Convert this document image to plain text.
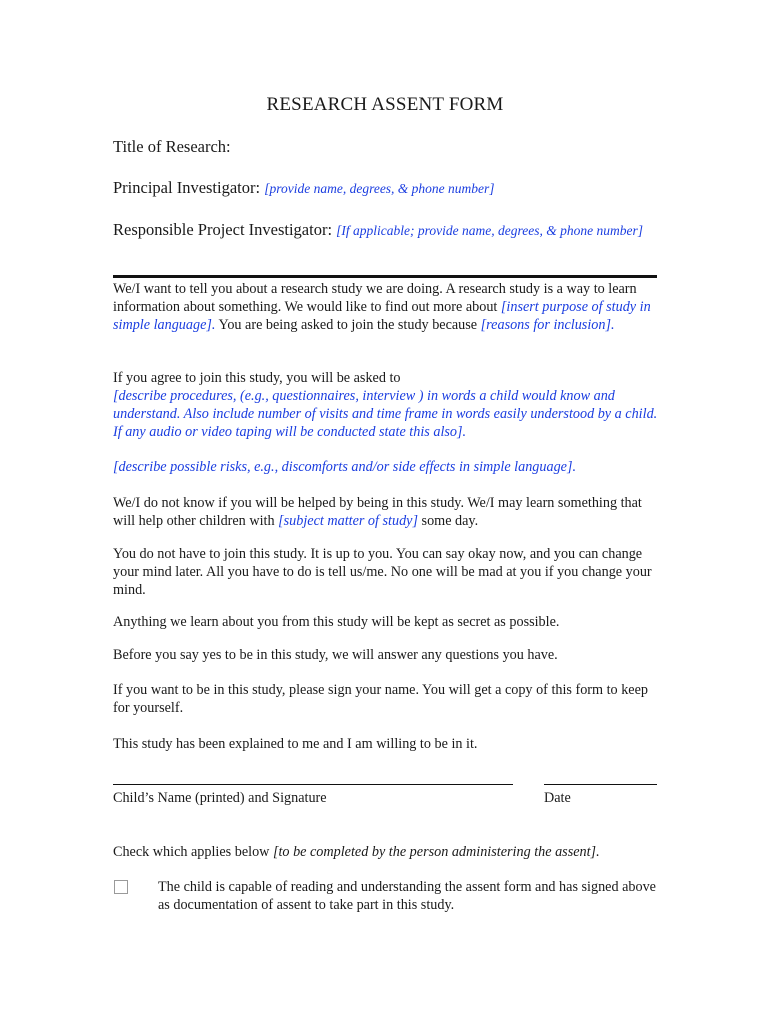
RESEARCH ASSENT FORM
Title of Research:
Principal Investigator: [provide name, degrees, & phone number]
Responsible Project Investigator: [If applicable; provide name, degrees, & phone number]
We/I want to tell you about a research study we are doing. A research study is a way to learn information about something. We would like to find out more about [insert purpose of study in simple language]. You are being asked to join the study because [reasons for inclusion].
If you agree to join this study, you will be asked to
[describe procedures, (e.g., questionnaires, interview ) in words a child would know and understand. Also include number of visits and time frame in words easily understood by a child. If any audio or video taping will be conducted state this also].
[describe possible risks, e.g., discomforts and/or side effects in simple language].
We/I do not know if you will be helped by being in this study. We/I may learn something that will help other children with [subject matter of study] some day.
You do not have to join this study. It is up to you. You can say okay now, and you can change your mind later. All you have to do is tell us/me. No one will be mad at you if you change your mind.
Anything we learn about you from this study will be kept as secret as possible.
Before you say yes to be in this study, we will answer any questions you have.
If you want to be in this study, please sign your name. You will get a copy of this form to keep for yourself.
This study has been explained to me and I am willing to be in it.
Child’s Name (printed) and Signature	Date
Check which applies below [to be completed by the person administering the assent].
The child is capable of reading and understanding the assent form and has signed above as documentation of assent to take part in this study.
